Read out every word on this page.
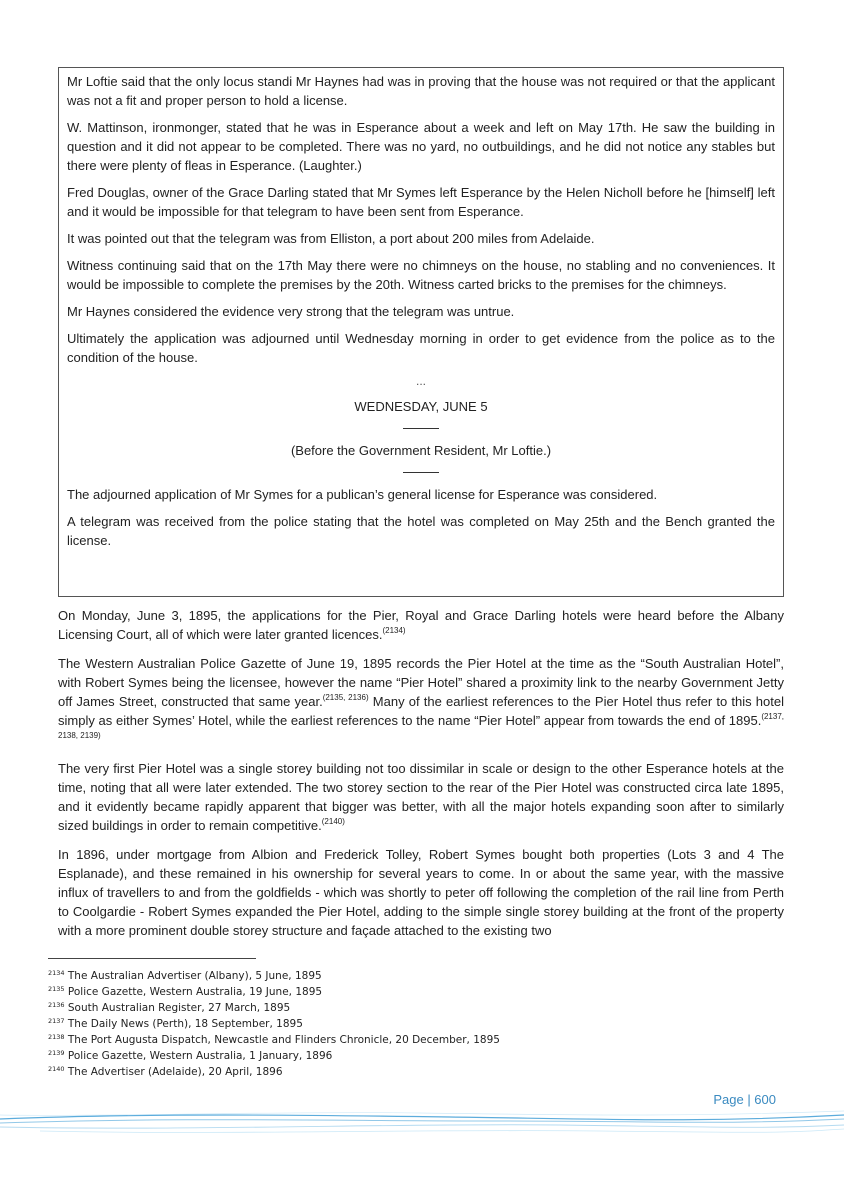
Mr Loftie said that the only locus standi Mr Haynes had was in proving that the house was not required or that the applicant was not a fit and proper person to hold a license.

W. Mattinson, ironmonger, stated that he was in Esperance about a week and left on May 17th. He saw the building in question and it did not appear to be completed. There was no yard, no outbuildings, and he did not notice any stables but there were plenty of fleas in Esperance. (Laughter.)

Fred Douglas, owner of the Grace Darling stated that Mr Symes left Esperance by the Helen Nicholl before he [himself] left and it would be impossible for that telegram to have been sent from Esperance.

It was pointed out that the telegram was from Elliston, a port about 200 miles from Adelaide.

Witness continuing said that on the 17th May there were no chimneys on the house, no stabling and no conveniences. It would be impossible to complete the premises by the 20th. Witness carted bricks to the premises for the chimneys.

Mr Haynes considered the evidence very strong that the telegram was untrue.

Ultimately the application was adjourned until Wednesday morning in order to get evidence from the police as to the condition of the house.

...
WEDNESDAY, JUNE 5
(Before the Government Resident, Mr Loftie.)

The adjourned application of Mr Symes for a publican’s general license for Esperance was considered.

A telegram was received from the police stating that the hotel was completed on May 25th and the Bench granted the license.

On Monday, June 3, 1895, the applications for the Pier, Royal and Grace Darling hotels were heard before the Albany Licensing Court, all of which were later granted licences.$^{(2134)}$

The Western Australian Police Gazette of June 19, 1895 records the Pier Hotel at the time as the “South Australian Hotel”, with Robert Symes being the licensee, however the name “Pier Hotel” shared a proximity link to the nearby Government Jetty off James Street, constructed that same year.$^{(2135, 2136)}$ Many of the earliest references to the Pier Hotel thus refer to this hotel simply as either Symes’ Hotel, while the earliest references to the name “Pier Hotel” appear from towards the end of 1895.$^{(2137, 2138, 2139)}$

The very first Pier Hotel was a single storey building not too dissimilar in scale or design to the other Esperance hotels at the time, noting that all were later extended. The two storey section to the rear of the Pier Hotel was constructed circa late 1895, and it evidently became rapidly apparent that bigger was better, with all the major hotels expanding soon after to similarly sized buildings in order to remain competitive.$^{(2140)}$

In 1896, under mortgage from Albion and Frederick Tolley, Robert Symes bought both properties (Lots 3 and 4 The Esplanade), and these remained in his ownership for several years to come. In or about the same year, with the massive influx of travellers to and from the goldfields - which was shortly to peter off following the completion of the rail line from Perth to Coolgardie - Robert Symes expanded the Pier Hotel, adding to the simple single storey building at the front of the property with a more prominent double storey structure and façade attached to the existing two

$^{2134}$ The Australian Advertiser (Albany), 5 June, 1895
$^{2135}$ Police Gazette, Western Australia, 19 June, 1895
$^{2136}$ South Australian Register, 27 March, 1895
$^{2137}$ The Daily News (Perth), 18 September, 1895
$^{2138}$ The Port Augusta Dispatch, Newcastle and Flinders Chronicle, 20 December, 1895
$^{2139}$ Police Gazette, Western Australia, 1 January, 1896
$^{2140}$ The Advertiser (Adelaide), 20 April, 1896
Page | 600
